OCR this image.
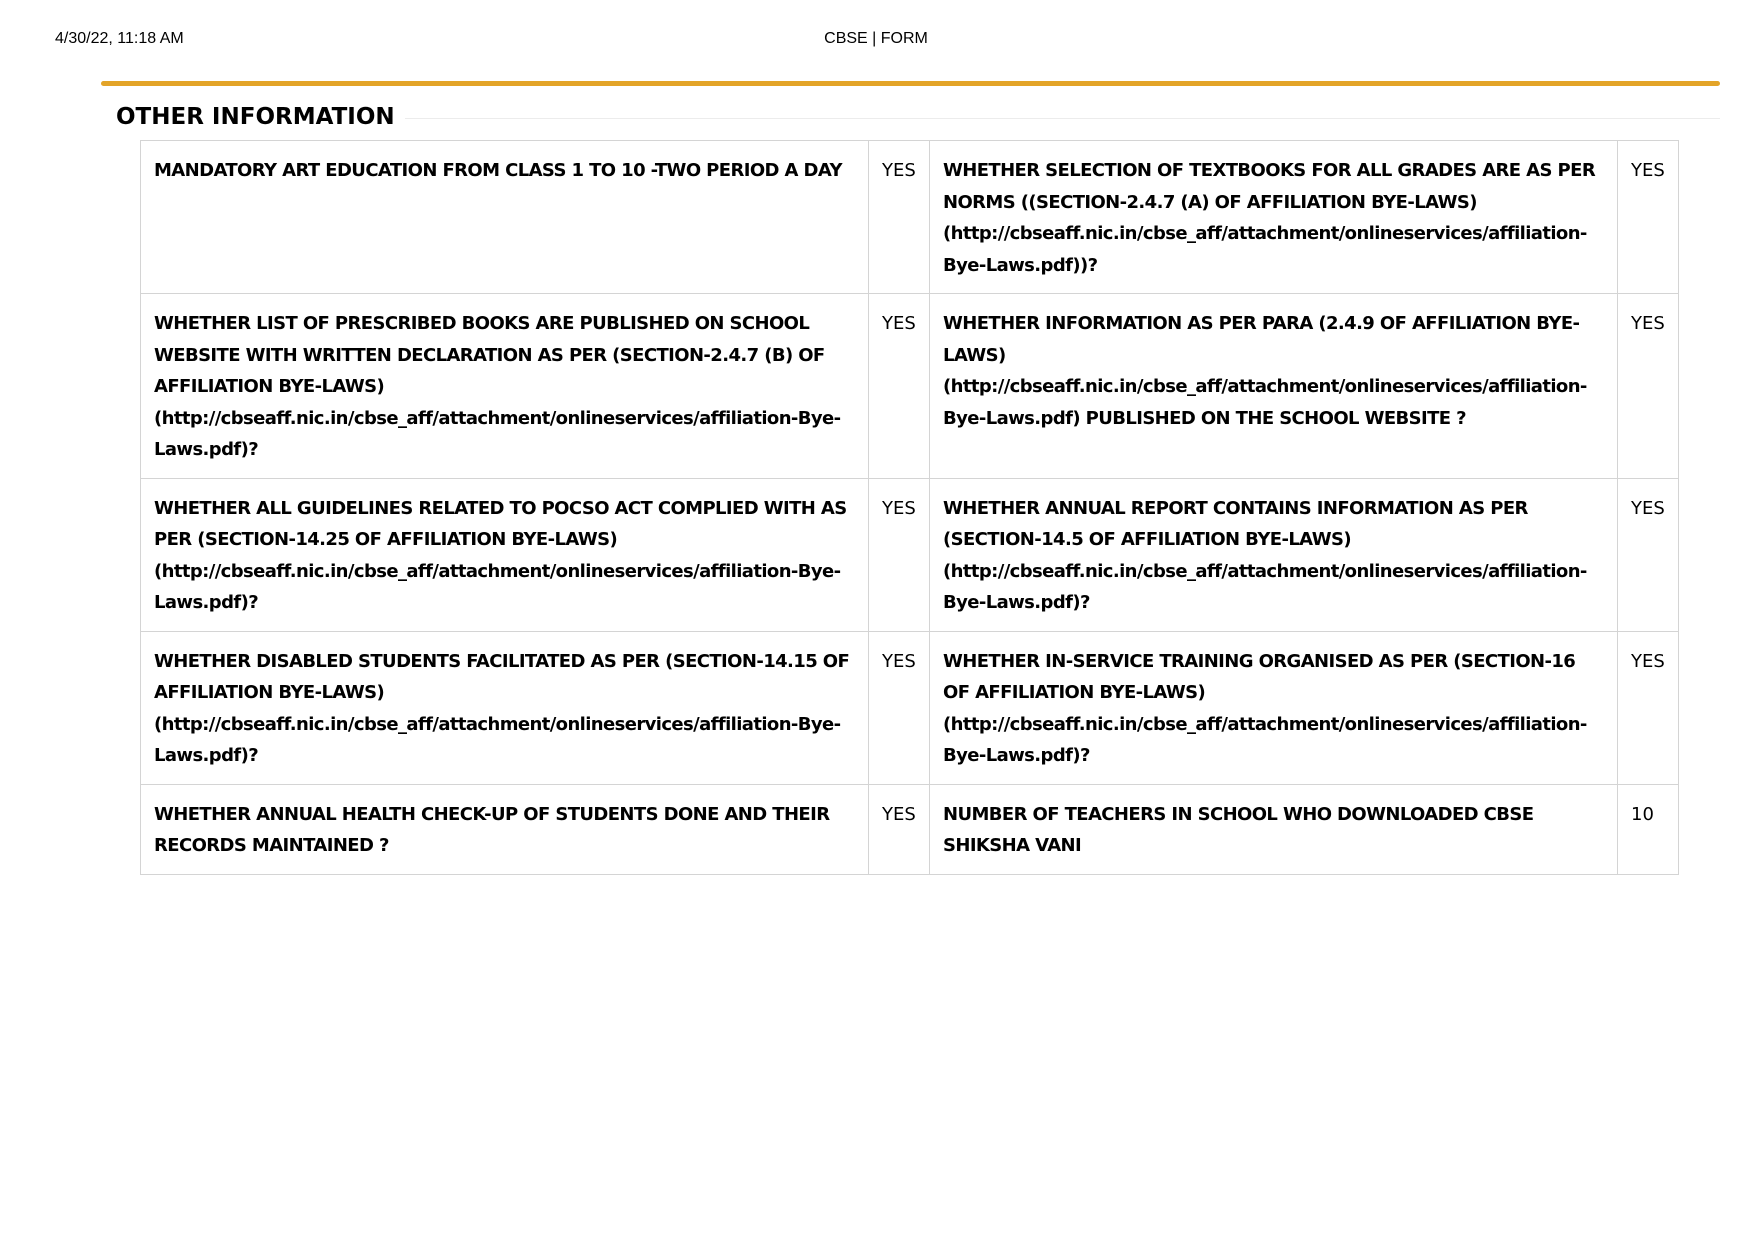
4/30/22, 11:18 AM	CBSE | FORM
OTHER INFORMATION
MANDATORY ART EDUCATION FROM CLASS 1 TO 10 -TWO PERIOD A DAY	YES	WHETHER SELECTION OF TEXTBOOKS FOR ALL GRADES ARE AS PER NORMS ((SECTION-2.4.7 (A) OF AFFILIATION BYE-LAWS) (http://cbseaff.nic.in/cbse_aff/attachment/onlineservices/affiliation-Bye-Laws.pdf))?	YES
WHETHER LIST OF PRESCRIBED BOOKS ARE PUBLISHED ON SCHOOL WEBSITE WITH WRITTEN DECLARATION AS PER (SECTION-2.4.7 (B) OF AFFILIATION BYE-LAWS) (http://cbseaff.nic.in/cbse_aff/attachment/onlineservices/affiliation-Bye-Laws.pdf)?	YES	WHETHER INFORMATION AS PER PARA (2.4.9 OF AFFILIATION BYE-LAWS) (http://cbseaff.nic.in/cbse_aff/attachment/onlineservices/affiliation-Bye-Laws.pdf) PUBLISHED ON THE SCHOOL WEBSITE ?	YES
WHETHER ALL GUIDELINES RELATED TO POCSO ACT COMPLIED WITH AS PER (SECTION-14.25 OF AFFILIATION BYE-LAWS) (http://cbseaff.nic.in/cbse_aff/attachment/onlineservices/affiliation-Bye-Laws.pdf)?	YES	WHETHER ANNUAL REPORT CONTAINS INFORMATION AS PER (SECTION-14.5 OF AFFILIATION BYE-LAWS) (http://cbseaff.nic.in/cbse_aff/attachment/onlineservices/affiliation-Bye-Laws.pdf)?	YES
WHETHER DISABLED STUDENTS FACILITATED AS PER (SECTION-14.15 OF AFFILIATION BYE-LAWS) (http://cbseaff.nic.in/cbse_aff/attachment/onlineservices/affiliation-Bye-Laws.pdf)?	YES	WHETHER IN-SERVICE TRAINING ORGANISED AS PER (SECTION-16 OF AFFILIATION BYE-LAWS) (http://cbseaff.nic.in/cbse_aff/attachment/onlineservices/affiliation-Bye-Laws.pdf)?	YES
WHETHER ANNUAL HEALTH CHECK-UP OF STUDENTS DONE AND THEIR RECORDS MAINTAINED ?	YES	NUMBER OF TEACHERS IN SCHOOL WHO DOWNLOADED CBSE SHIKSHA VANI	10
